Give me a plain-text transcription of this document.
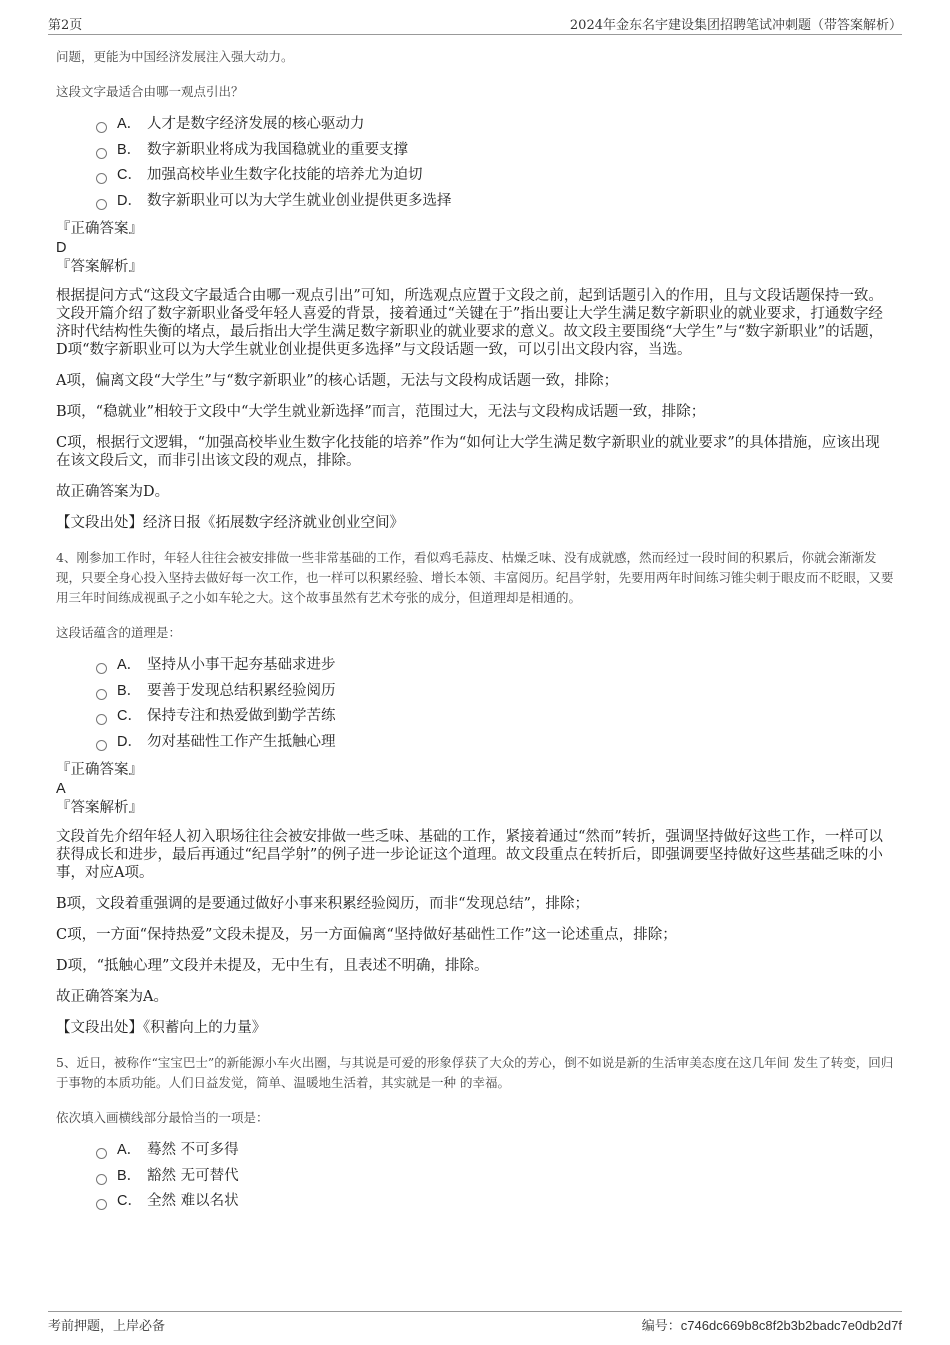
第2页	2024年金东名宇建设集团招聘笔试冲刺题（带答案解析）

问题，更能为中国经济发展注入强大动力。

这段文字最适合由哪一观点引出？

A． 人才是数字经济发展的核心驱动力
B． 数字新职业将成为我国稳就业的重要支撑
C． 加强高校毕业生数字化技能的培养尤为迫切
D． 数字新职业可以为大学生就业创业提供更多选择

『正确答案』

D

『答案解析』

根据提问方式“这段文字最适合由哪一观点引出”可知，所选观点应置于文段之前，起到话题引入的作用，且与文段话题保持一致。文段开篇介绍了数字新职业备受年轻人喜爱的背景，接着通过“关键在于”指出要让大学生满足数字新职业的就业要求，打通数字经济时代结构性失衡的堵点，最后指出大学生满足数字新职业的就业要求的意义。故文段主要围绕“大学生”与“数字新职业”的话题，D项“数字新职业可以为大学生就业创业提供更多选择”与文段话题一致，可以引出文段内容，当选。

A项，偏离文段“大学生”与“数字新职业”的核心话题，无法与文段构成话题一致，排除；

B项，“稳就业”相较于文段中“大学生就业新选择”而言，范围过大，无法与文段构成话题一致，排除；

C项，根据行文逻辑，“加强高校毕业生数字化技能的培养”作为“如何让大学生满足数字新职业的就业要求”的具体措施，应该出现在该文段后文，而非引出该文段的观点，排除。

故正确答案为D。

【文段出处】经济日报《拓展数字经济就业创业空间》

4、刚参加工作时，年轻人往往会被安排做一些非常基础的工作，看似鸡毛蒜皮、枯燥乏味、没有成就感，然而经过一段时间的积累后，你就会渐渐发现，只要全身心投入坚持去做好每一次工作，也一样可以积累经验、增长本领、丰富阅历。纪昌学射，先要用两年时间练习锥尖刺于眼皮而不眨眼，又要用三年时间练成视虱子之小如车轮之大。这个故事虽然有艺术夸张的成分，但道理却是相通的。

这段话蕴含的道理是：

A． 坚持从小事干起夯基础求进步
B． 要善于发现总结积累经验阅历
C． 保持专注和热爱做到勤学苦练
D． 勿对基础性工作产生抵触心理

『正确答案』

A

『答案解析』

文段首先介绍年轻人初入职场往往会被安排做一些乏味、基础的工作，紧接着通过“然而”转折，强调坚持做好这些工作，一样可以获得成长和进步，最后再通过“纪昌学射”的例子进一步论证这个道理。故文段重点在转折后，即强调要坚持做好这些基础乏味的小事，对应A项。

B项，文段着重强调的是要通过做好小事来积累经验阅历，而非“发现总结”，排除；

C项，一方面“保持热爱”文段未提及，另一方面偏离“坚持做好基础性工作”这一论述重点，排除；

D项，“抵触心理”文段并未提及，无中生有，且表述不明确，排除。

故正确答案为A。

【文段出处】《积蓄向上的力量》

5、近日，被称作“宝宝巴士”的新能源小车火出圈，与其说是可爱的形象俘获了大众的芳心，倒不如说是新的生活审美态度在这几年间 发生了转变，回归于事物的本质功能。人们日益发觉，简单、温暖地生活着，其实就是一种 的幸福。

依次填入画横线部分最恰当的一项是：

A． 蓦然 不可多得
B． 豁然 无可替代
C． 全然 难以名状
考前押题，上岸必备	编号：c746dc669b8c8f2b3b2badc7e0db2d7f
